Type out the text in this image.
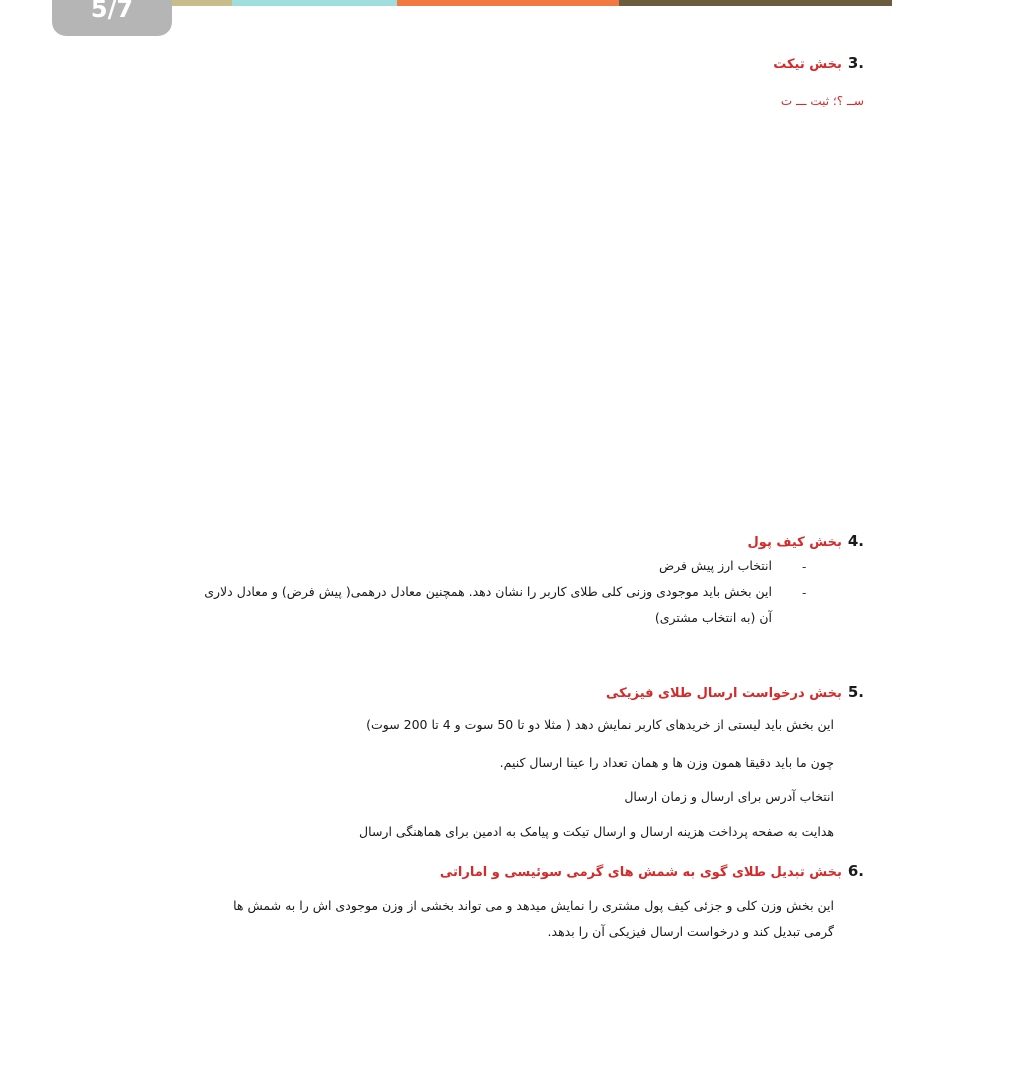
5/7
.3بخش تیکت
ﺳــ ؟؛ ثبت ـــ ت
.4بخش کیف پول
-
انتخاب ارز پیش فرض
-
این بخش باید موجودی وزنی کلی طلای کاربر را نشان دهد. همچنین معادل درهمی( پیش فرض) و معادل دلاری
آن (به انتخاب مشتری)
.5بخش درخواست ارسال طلای فیزیکی
این بخش باید لیستی از خریدهای کاربر نمایش دهد ( مثلا دو تا 50 سوت و 4 تا 200 سوت)
چون ما باید دقیقا همون وزن ها و همان تعداد را عینا ارسال کنیم.
انتخاب آدرس برای ارسال و زمان ارسال
هدایت به صفحه پرداخت هزینه ارسال و ارسال تیکت و پیامک به ادمین برای هماهنگی ارسال
.6بخش تبدیل طلای گوی به شمش های گرمی سوئیسی و اماراتی
این بخش وزن کلی و جزئی کیف پول مشتری را نمایش میدهد و می تواند بخشی از وزن موجودی اش را به شمش ها
گرمی تبدیل کند و درخواست ارسال فیزیکی آن را بدهد.
